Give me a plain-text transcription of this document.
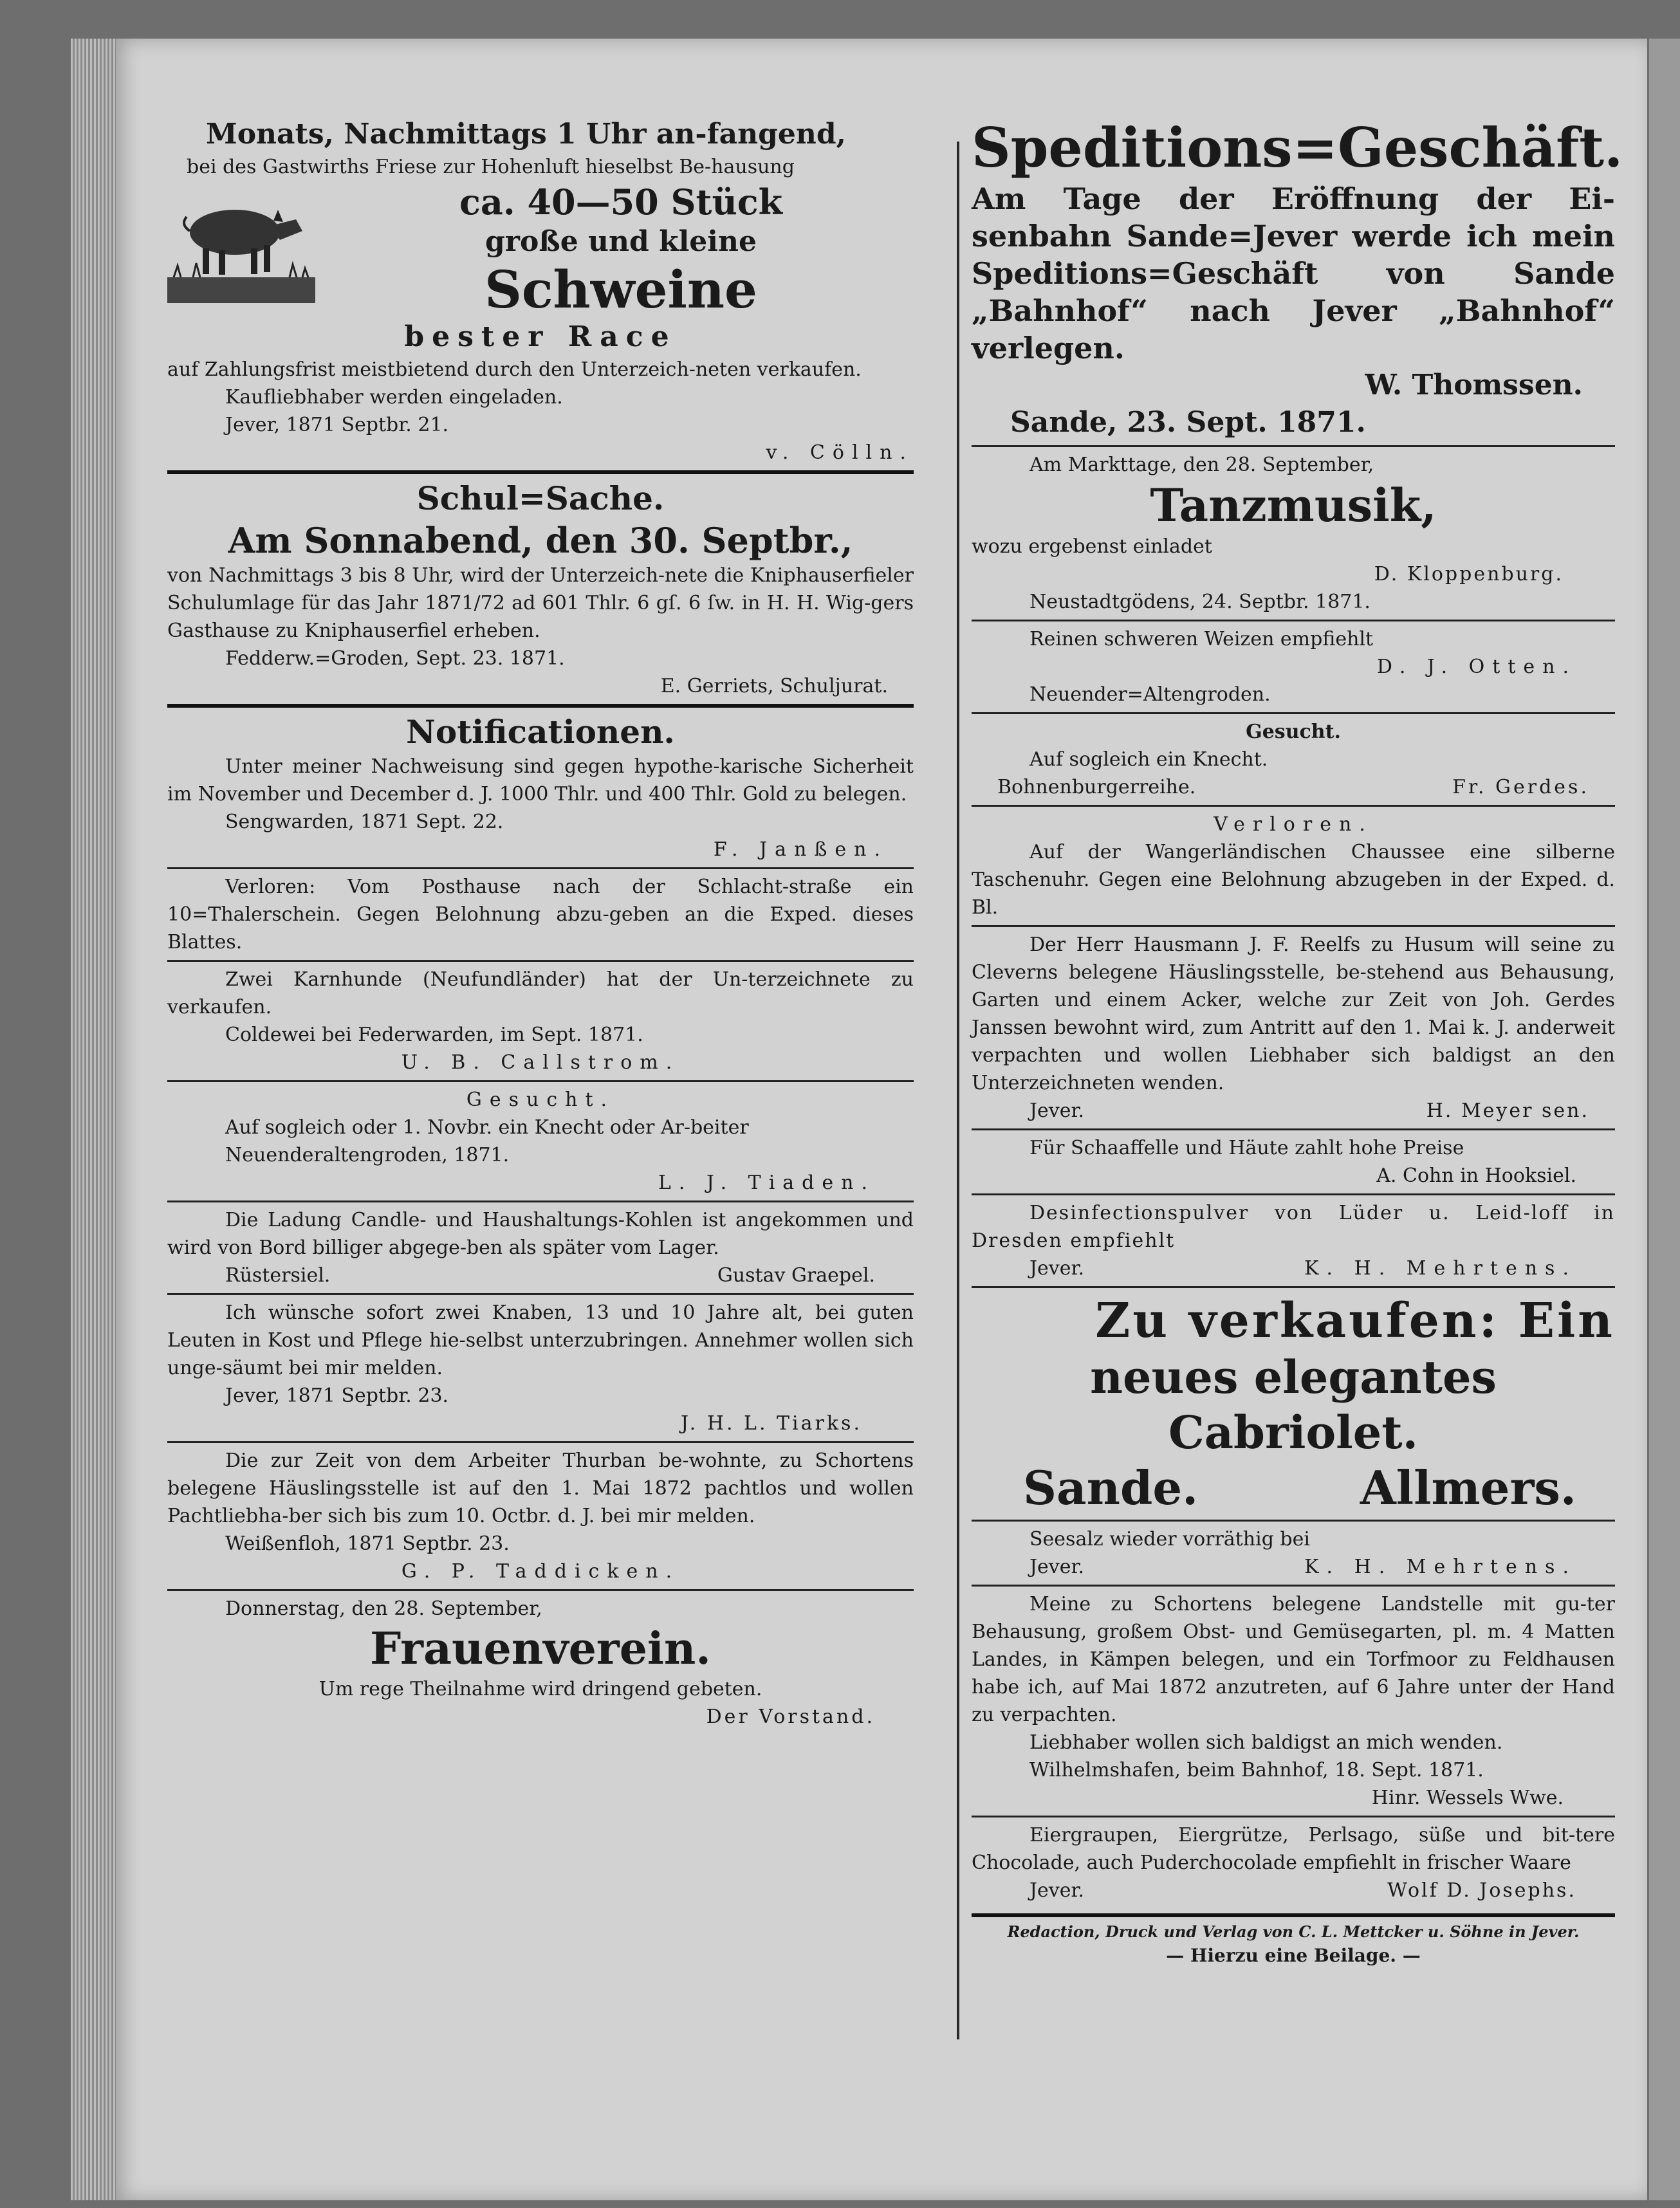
Monats, Nachmittags 1 Uhr an-fangend,
bei des Gastwirths Friese zur Hohenluft hieselbst Be-hausung
ca. 40—50 Stück
große und kleine
Schweine
bester Race
auf Zahlungsfrist meistbietend durch den Unterzeich-neten verkaufen.
Kaufliebhaber werden eingeladen.
Jever, 1871 Septbr. 21.
v. Cölln.
Schul=Sache.
Am Sonnabend, den 30. Septbr.,
von Nachmittags 3 bis 8 Uhr, wird der Unterzeich-nete die Kniphauserfieler Schulumlage für das Jahr 1871/72 ad 601 Thlr. 6 gſ. 6 ſw. in H. H. Wig-gers Gasthause zu Kniphauserfiel erheben.
Fedderw.=Groden, Sept. 23. 1871.
E. Gerriets, Schuljurat.
Notificationen.
Unter meiner Nachweisung sind gegen hypothe-karische Sicherheit im November und December d. J. 1000 Thlr. und 400 Thlr. Gold zu belegen.
Sengwarden, 1871 Sept. 22.
F. Janßen.
Verloren: Vom Posthause nach der Schlacht-straße ein 10=Thalerschein. Gegen Belohnung abzu-geben an die Exped. dieses Blattes.
Zwei Karnhunde (Neufundländer) hat der Un-terzeichnete zu verkaufen.
Coldewei bei Federwarden, im Sept. 1871.
U. B. Callstrom.
Gesucht.
Auf sogleich oder 1. Novbr. ein Knecht oder Ar-beiter
Neuenderaltengroden, 1871.
L. J. Tiaden.
Die Ladung Candle- und Haushaltungs-Kohlen ist angekommen und wird von Bord billiger abgege-ben als später vom Lager.
Rüstersiel.	Gustav Graepel.
Ich wünsche sofort zwei Knaben, 13 und 10 Jahre alt, bei guten Leuten in Kost und Pflege hie-selbst unterzubringen. Annehmer wollen sich unge-säumt bei mir melden.
Jever, 1871 Septbr. 23.
J. H. L. Tiarks.
Die zur Zeit von dem Arbeiter Thurban be-wohnte, zu Schortens belegene Häuslingsstelle ist auf den 1. Mai 1872 pachtlos und wollen Pachtliebha-ber sich bis zum 10. Octbr. d. J. bei mir melden.
Weißenfloh, 1871 Septbr. 23.
G. P. Taddicken.
Donnerstag, den 28. September,
Frauenverein.
Um rege Theilnahme wird dringend gebeten.
Der Vorstand.
Speditions=Geschäft.
Am Tage der Eröffnung der Ei-senbahn Sande=Jever werde ich mein Speditions=Geschäft von Sande „Bahnhof“ nach Jever „Bahnhof“ verlegen.
W. Thomssen.
Sande, 23. Sept. 1871.
Am Markttage, den 28. September,
Tanzmusik,
wozu ergebenst einladet
D. Kloppenburg.
Neustadtgödens, 24. Septbr. 1871.
Reinen schweren Weizen empfiehlt
D. J. Otten.
Neuender=Altengroden.
Gesucht.
Auf sogleich ein Knecht.
Bohnenburgerreihe.	Fr. Gerdes.
Verloren.
Auf der Wangerländischen Chaussee eine silberne Taschenuhr. Gegen eine Belohnung abzugeben in der Exped. d. Bl.
Der Herr Hausmann J. F. Reelfs zu Husum will seine zu Cleverns belegene Häuslingsstelle, be-stehend aus Behausung, Garten und einem Acker, welche zur Zeit von Joh. Gerdes Janssen bewohnt wird, zum Antritt auf den 1. Mai k. J. anderweit verpachten und wollen Liebhaber sich baldigst an den Unterzeichneten wenden.
Jever.	H. Meyer sen.
Für Schaaffelle und Häute zahlt hohe Preise
A. Cohn in Hooksiel.
Desinfectionspulver von Lüder u. Leid-loff in Dresden empfiehlt
Jever.	K. H. Mehrtens.
Zu verkaufen: Ein
neues elegantes Cabriolet.
Sande.	Allmers.
Seesalz wieder vorräthig bei
Jever.	K. H. Mehrtens.
Meine zu Schortens belegene Landstelle mit gu-ter Behausung, großem Obst- und Gemüsegarten, pl. m. 4 Matten Landes, in Kämpen belegen, und ein Torfmoor zu Feldhausen habe ich, auf Mai 1872 anzutreten, auf 6 Jahre unter der Hand zu verpachten.
Liebhaber wollen sich baldigst an mich wenden.
Wilhelmshafen, beim Bahnhof, 18. Sept. 1871.
Hinr. Wessels Wwe.
Eiergraupen, Eiergrütze, Perlsago, süße und bit-tere Chocolade, auch Puderchocolade empfiehlt in frischer Waare
Jever.	Wolf D. Josephs.
Redaction, Druck und Verlag von C. L. Mettcker u. Söhne in Jever.
— Hierzu eine Beilage. —
